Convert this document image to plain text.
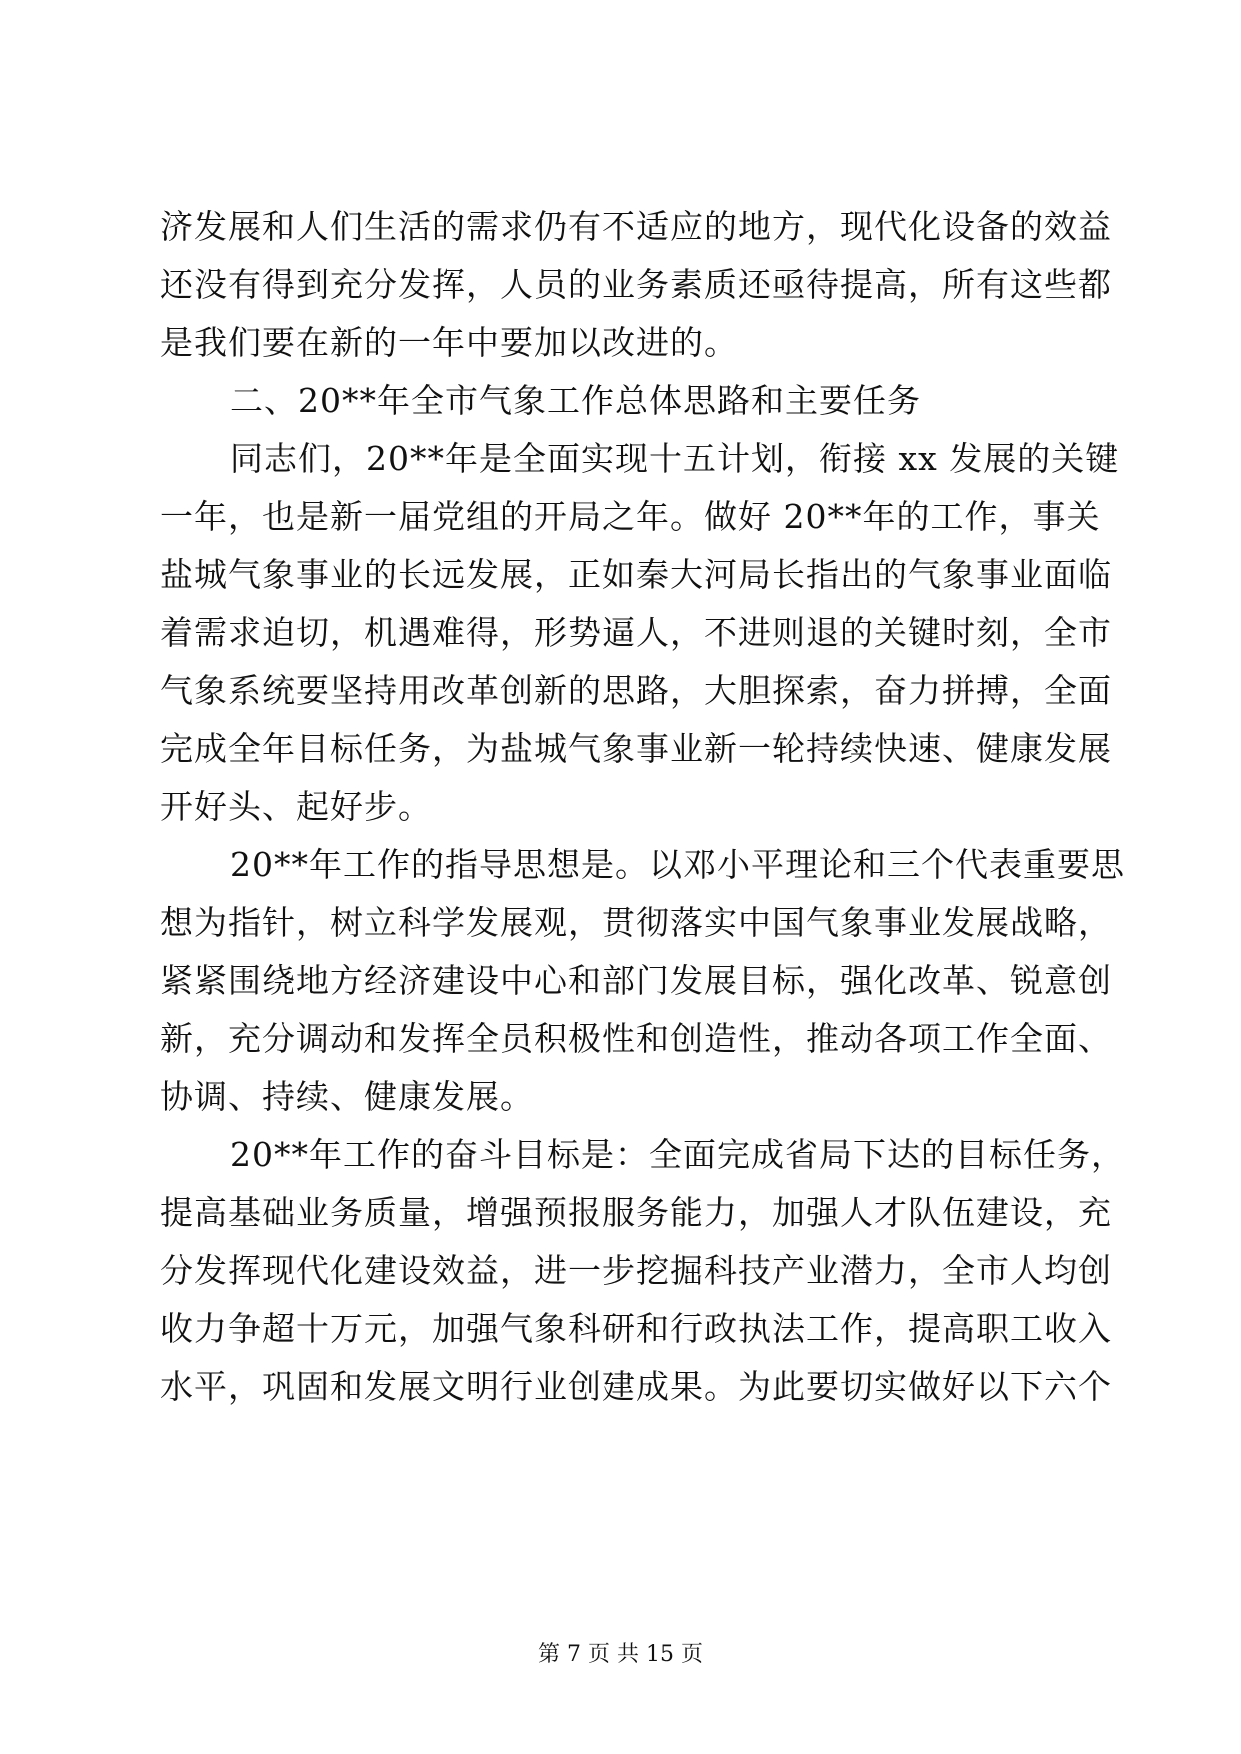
济发展和人们生活的需求仍有不适应的地方，现代化设备的效益
还没有得到充分发挥，人员的业务素质还亟待提高，所有这些都
是我们要在新的一年中要加以改进的。
二、20**年全市气象工作总体思路和主要任务
同志们，20**年是全面实现十五计划，衔接 xx 发展的关键
一年，也是新一届党组的开局之年。做好 20**年的工作，事关
盐城气象事业的长远发展，正如秦大河局长指出的气象事业面临
着需求迫切，机遇难得，形势逼人，不进则退的关键时刻，全市
气象系统要坚持用改革创新的思路，大胆探索，奋力拼搏，全面
完成全年目标任务，为盐城气象事业新一轮持续快速、健康发展
开好头、起好步。
20**年工作的指导思想是。以邓小平理论和三个代表重要思
想为指针，树立科学发展观，贯彻落实中国气象事业发展战略，
紧紧围绕地方经济建设中心和部门发展目标，强化改革、锐意创
新，充分调动和发挥全员积极性和创造性，推动各项工作全面、
协调、持续、健康发展。
20**年工作的奋斗目标是：全面完成省局下达的目标任务，
提高基础业务质量，增强预报服务能力，加强人才队伍建设，充
分发挥现代化建设效益，进一步挖掘科技产业潜力，全市人均创
收力争超十万元，加强气象科研和行政执法工作，提高职工收入
水平，巩固和发展文明行业创建成果。为此要切实做好以下六个
第 7 页 共 15 页
